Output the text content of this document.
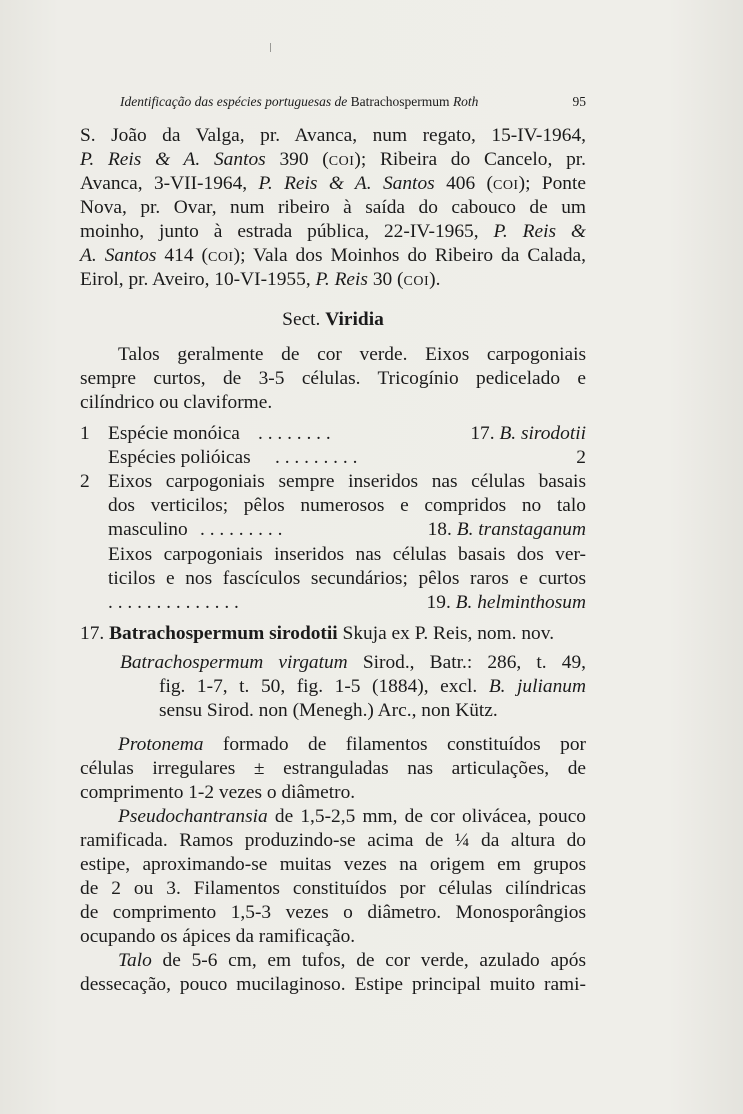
Identificação das espécies portuguesas de Batrachospermum Roth	95
S. João da Valga, pr. Avanca, num regato, 15-IV-1964,
P. Reis & A. Santos 390 (COI); Ribeira do Cancelo, pr.
Avanca, 3-VII-1964, P. Reis & A. Santos 406 (COI); Ponte
Nova, pr. Ovar, num ribeiro à saída do cabouco de um
moinho, junto à estrada pública, 22-IV-1965, P. Reis &
A. Santos 414 (COI); Vala dos Moinhos do Ribeiro da Calada,
Eirol, pr. Aveiro, 10-VI-1955, P. Reis 30 (COI).
Sect. Viridia
Talos geralmente de cor verde. Eixos carpogoniais
sempre curtos, de 3-5 células. Tricogínio pedicelado e
cilíndrico ou claviforme.
1 Espécie monóica . . . . . . . .	17. B. sirodotii
Espécies polióicas . . . . . . . . .	2
2 Eixos carpogoniais sempre inseridos nas células basais
dos verticilos; pêlos numerosos e compridos no talo
masculino . . . . . . . . .	18. B. transtaganum
Eixos carpogoniais inseridos nas células basais dos ver-
ticilos e nos fascículos secundários; pêlos raros e curtos
. . . . . . . . . . . . . .	19. B. helminthosum
17. Batrachospermum sirodotii Skuja ex P. Reis, nom. nov.
Batrachospermum virgatum Sirod., Batr.: 286, t. 49,
fig. 1-7, t. 50, fig. 1-5 (1884), excl. B. julianum
sensu Sirod. non (Menegh.) Arc., non Kütz.
Protonema formado de filamentos constituídos por
células irregulares ± estranguladas nas articulações, de
comprimento 1-2 vezes o diâmetro.
Pseudochantransia de 1,5-2,5 mm, de cor olivácea, pouco
ramificada. Ramos produzindo-se acima de ¼ da altura do
estipe, aproximando-se muitas vezes na origem em grupos
de 2 ou 3. Filamentos constituídos por células cilíndricas
de comprimento 1,5-3 vezes o diâmetro. Monosporângios
ocupando os ápices da ramificação.
Talo de 5-6 cm, em tufos, de cor verde, azulado após
dessecação, pouco mucilaginoso. Estipe principal muito rami-
